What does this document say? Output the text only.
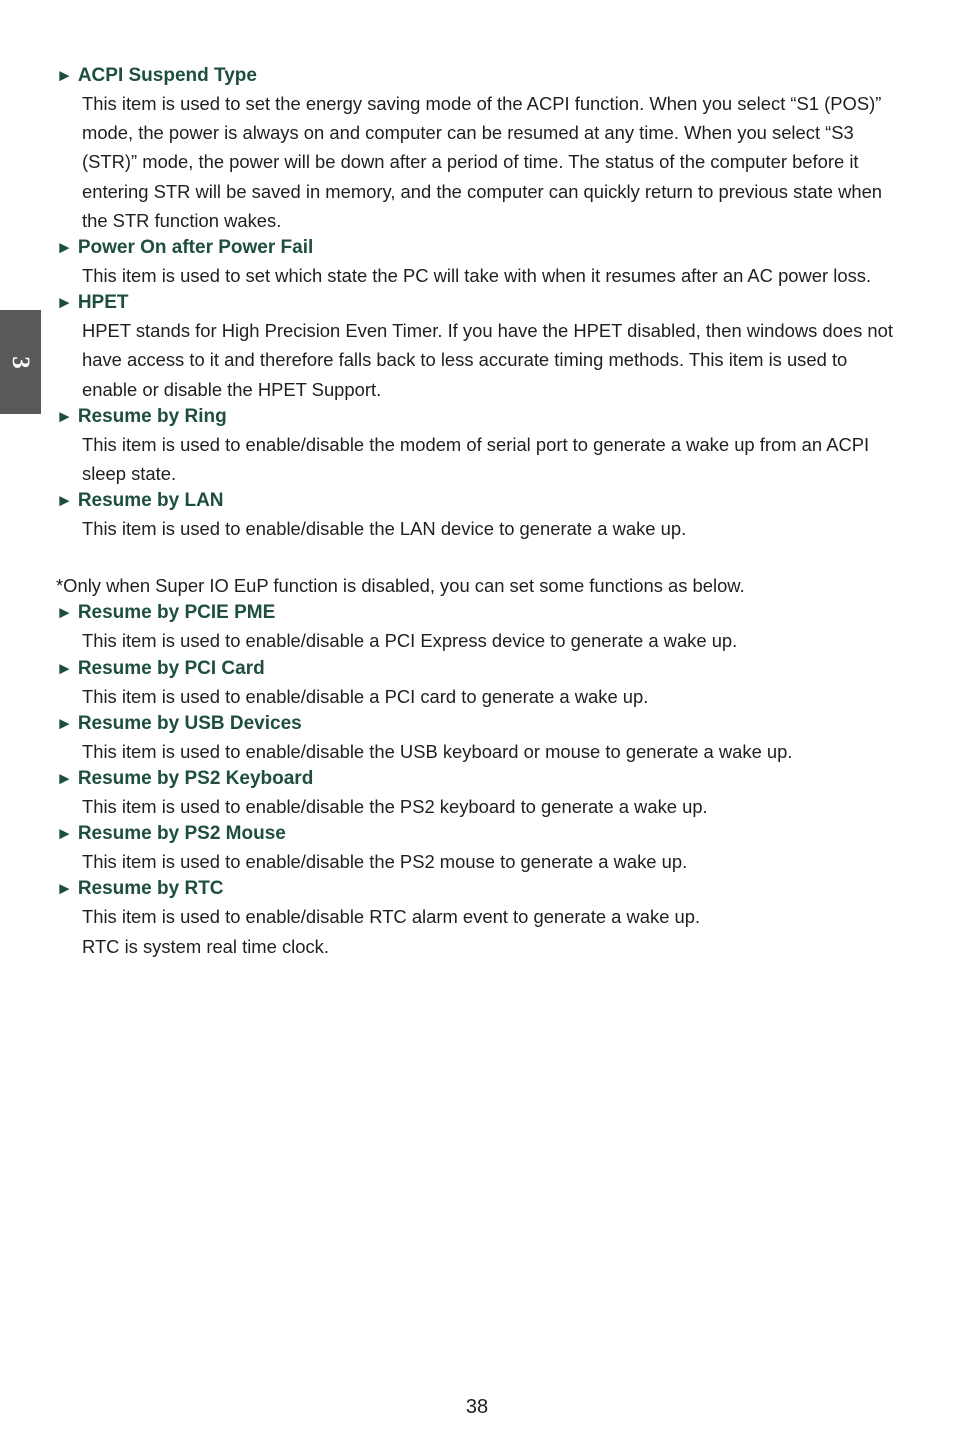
3

► ACPI Suspend Type

This item is used to set the energy saving mode of the ACPI function. When you select “S1 (POS)” mode, the power is always on and computer can be resumed at any time. When you select “S3 (STR)” mode, the power will be down after a period of time. The status of the computer before it entering STR will be saved in memory, and the computer can quickly return to previous state when the STR function wakes.

► Power On after Power Fail

This item is used to set which state the PC will take with when it resumes after an AC power loss.

► HPET

HPET stands for High Precision Even Timer. If you have the HPET disabled, then windows does not have access to it and therefore falls back to less accurate timing methods. This item is used to enable or disable the HPET Support.

► Resume by Ring

This item is used to enable/disable the modem of serial port to generate a wake up from an ACPI sleep state.

► Resume by LAN

This item is used to enable/disable the LAN device to generate a wake up.

*Only when Super IO EuP function is disabled, you can set some functions as below.

► Resume by PCIE PME

This item is used to enable/disable a PCI Express device to generate a wake up.

► Resume by PCI Card

This item is used to enable/disable a PCI card to generate a wake up.

► Resume by USB Devices

This item is used to enable/disable the USB keyboard or mouse to generate a wake up.

► Resume by PS2 Keyboard

This item is used to enable/disable the PS2 keyboard to generate a wake up.

► Resume by PS2 Mouse

This item is used to enable/disable the PS2 mouse to generate a wake up.

► Resume by RTC

This item is used to enable/disable RTC alarm event to generate a wake up.

RTC is system real time clock.

38
